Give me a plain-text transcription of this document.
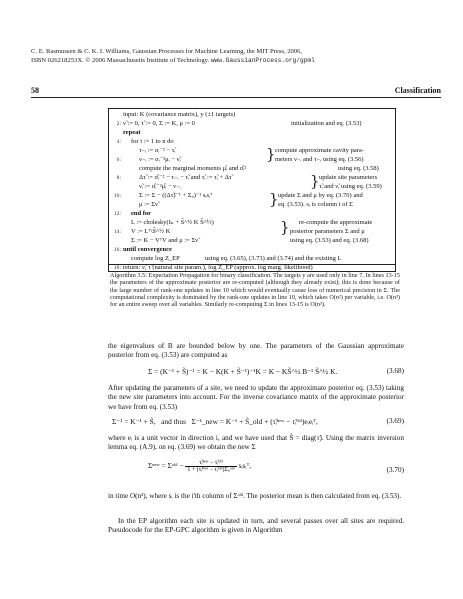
C. E. Rasmussen & C. K. I. Williams, Gaussian Processes for Machine Learning, the MIT Press, 2006,
ISBN 026218253X. © 2006 Massachusetts Institute of Technology. www.GaussianProcess.org/gpml
58	Classification
input: K (covariance matrix), y (±1 targets)
2: ν̃ := 0, τ̃ := 0, Σ := K, μ := 0	initialization and eq. (3.53)
repeat
4: for i := 1 to n do
τ₋ᵢ := σᵢ⁻² − τ̃ᵢ	compute approximate cavity para-
6:	ν₋ᵢ := σᵢ⁻²μᵢ − ν̃ᵢ	meters ν₋ᵢ and τ₋ᵢ using eq. (3.56)
}
compute the marginal moments μ̂ᵢ and σ̂ᵢ²	using eq. (3.58)
8:	Δτ̃ := σ̂ᵢ⁻² − τ₋ᵢ − τ̃ᵢ and τ̃ᵢ := τ̃ᵢ + Δτ̃	update site parameters
ν̃ᵢ := σ̂ᵢ⁻²μ̂ᵢ − ν₋ᵢ	τ̃ᵢ and ν̃ᵢ using eq. (3.59)
}
10:	Σ := Σ − ((Δτ̃)⁻¹ + Σᵢᵢ)⁻¹ sᵢsᵢᵀ	update Σ and μ by eq. (3.70) and
μ := Σν̃	eq. (3.53). sᵢ is column i of Σ
}
12: end for
L := cholesky(Iₙ + S̃^½ K S̃^½)	re-compute the approximate
14: V := Lᵀ\S̃^½ K	posterior parameters Σ and μ
Σ := K − VᵀV and μ := Σν̃	using eq. (3.53) and eq. (3.68)
}
16: until convergence
compute log Z_EP	using eq. (3.65), (3.73) and (3.74) and the existing L
18: return: ν̃, τ̃ (natural site param.), log Z_EP (approx. log marg. likelihood)
Algorithm 3.5: Expectation Propagation for binary classification. The targets y are used only in line 7. In lines 13-15 the parameters of the approximate posterior are re-computed (although they already exist); this is done because of the large number of rank-one updates in line 10 which would eventually cause loss of numerical precision in Σ. The computational complexity is dominated by the rank-one updates in line 10, which takes O(n²) per variable, i.e. O(n³) for an entire sweep over all variables. Similarly re-computing Σ in lines 13-15 is O(n³).
the eigenvalues of B are bounded below by one. The parameters of the Gaussian approximate posterior from eq. (3.53) are computed as
Σ = (K⁻¹ + S̃)⁻¹ = K − K(K + S̃⁻¹)⁻¹K = K − KS̃^½ B⁻¹ S̃^½ K.	(3.68)
After updating the parameters of a site, we need to update the approximate posterior eq. (3.53) taking the new site parameters into account. For the inverse covariance matrix of the approximate posterior we have from eq. (3.53)
Σ⁻¹ = K⁻¹ + S̃, and thus Σ⁻¹_new = K⁻¹ + S̃_old + (τ̃ᵢⁿᵉʷ − τ̃ᵢᵒˡᵈ)eᵢeᵢᵀ,	(3.69)
where eᵢ is a unit vector in direction i, and we have used that S̃ = diag(τ̃). Using the matrix inversion lemma eq. (A.9), on eq. (3.69) we obtain the new Σ
Σⁿᵉʷ = Σᵒˡᵈ − $\frac{\text{τ̃ᵢⁿᵉʷ − τ̃ᵢᵒˡᵈ}}{\text{1 + (τ̃ᵢⁿᵉʷ − τ̃ᵢᵒˡᵈ)Σᵢᵢᵒˡᵈ}}$ sᵢsᵢᵀ,	(3.70)
in time O(n²), where sᵢ is the i'th column of Σᵒˡᵈ. The posterior mean is then calculated from eq. (3.53).
In the EP algorithm each site is updated in turn, and several passes over all sites are required. Pseudocode for the EP-GPC algorithm is given in Algorithm
